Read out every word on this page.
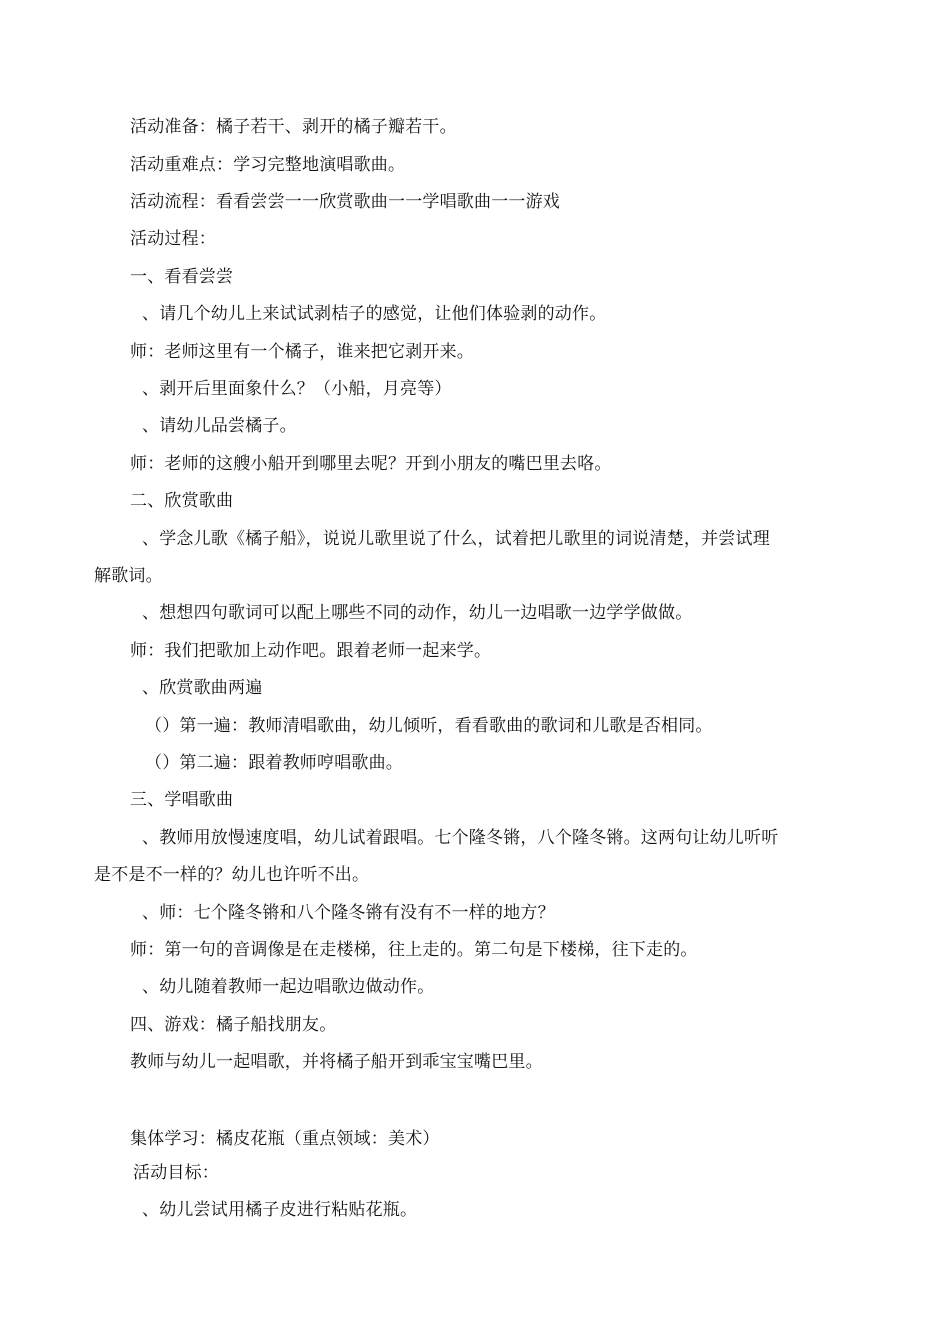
活动准备：橘子若干、剥开的橘子瓣若干。
活动重难点：学习完整地演唱歌曲。
活动流程：看看尝尝一一欣赏歌曲一一学唱歌曲一一游戏
活动过程：
一、看看尝尝
、请几个幼儿上来试试剥桔子的感觉，让他们体验剥的动作。
师：老师这里有一个橘子，谁来把它剥开来。
、剥开后里面象什么？（小船，月亮等）
、请幼儿品尝橘子。
师：老师的这艘小船开到哪里去呢？开到小朋友的嘴巴里去咯。
二、欣赏歌曲
、学念儿歌《橘子船》，说说儿歌里说了什么，试着把儿歌里的词说清楚，并尝试理
解歌词。
、想想四句歌词可以配上哪些不同的动作，幼儿一边唱歌一边学学做做。
师：我们把歌加上动作吧。跟着老师一起来学。
、欣赏歌曲两遍
（）第一遍：教师清唱歌曲，幼儿倾听，看看歌曲的歌词和儿歌是否相同。
（）第二遍：跟着教师哼唱歌曲。
三、学唱歌曲
、教师用放慢速度唱，幼儿试着跟唱。七个隆冬锵，八个隆冬锵。这两句让幼儿听听
是不是不一样的？幼儿也许听不出。
、师：七个隆冬锵和八个隆冬锵有没有不一样的地方？
师：第一句的音调像是在走楼梯，往上走的。第二句是下楼梯，往下走的。
、幼儿随着教师一起边唱歌边做动作。
四、游戏：橘子船找朋友。
教师与幼儿一起唱歌，并将橘子船开到乖宝宝嘴巴里。
集体学习：橘皮花瓶（重点领域：美术）
活动目标：
、幼儿尝试用橘子皮进行粘贴花瓶。
